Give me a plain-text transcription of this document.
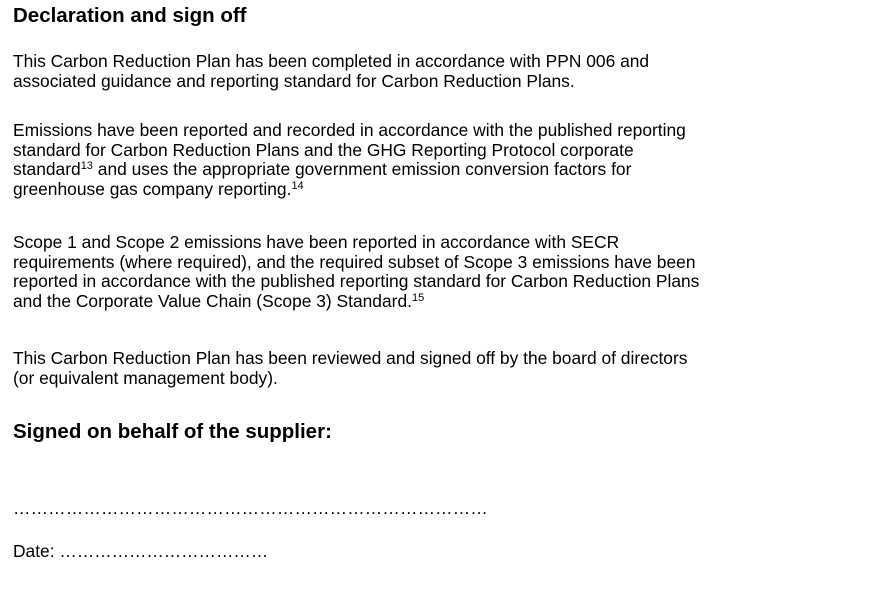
Declaration and sign off
This Carbon Reduction Plan has been completed in accordance with PPN 006 and
associated guidance and reporting standard for Carbon Reduction Plans.
Emissions have been reported and recorded in accordance with the published reporting
standard for Carbon Reduction Plans and the GHG Reporting Protocol corporate
standard$^{13}$ and uses the appropriate government emission conversion factors for
greenhouse gas company reporting.$^{14}$
Scope 1 and Scope 2 emissions have been reported in accordance with SECR
requirements (where required), and the required subset of Scope 3 emissions have been
reported in accordance with the published reporting standard for Carbon Reduction Plans
and the Corporate Value Chain (Scope 3) Standard.$^{15}$
This Carbon Reduction Plan has been reviewed and signed off by the board of directors
(or equivalent management body).
Signed on behalf of the supplier:
………………………………………………………………………
Date: ………………………………
